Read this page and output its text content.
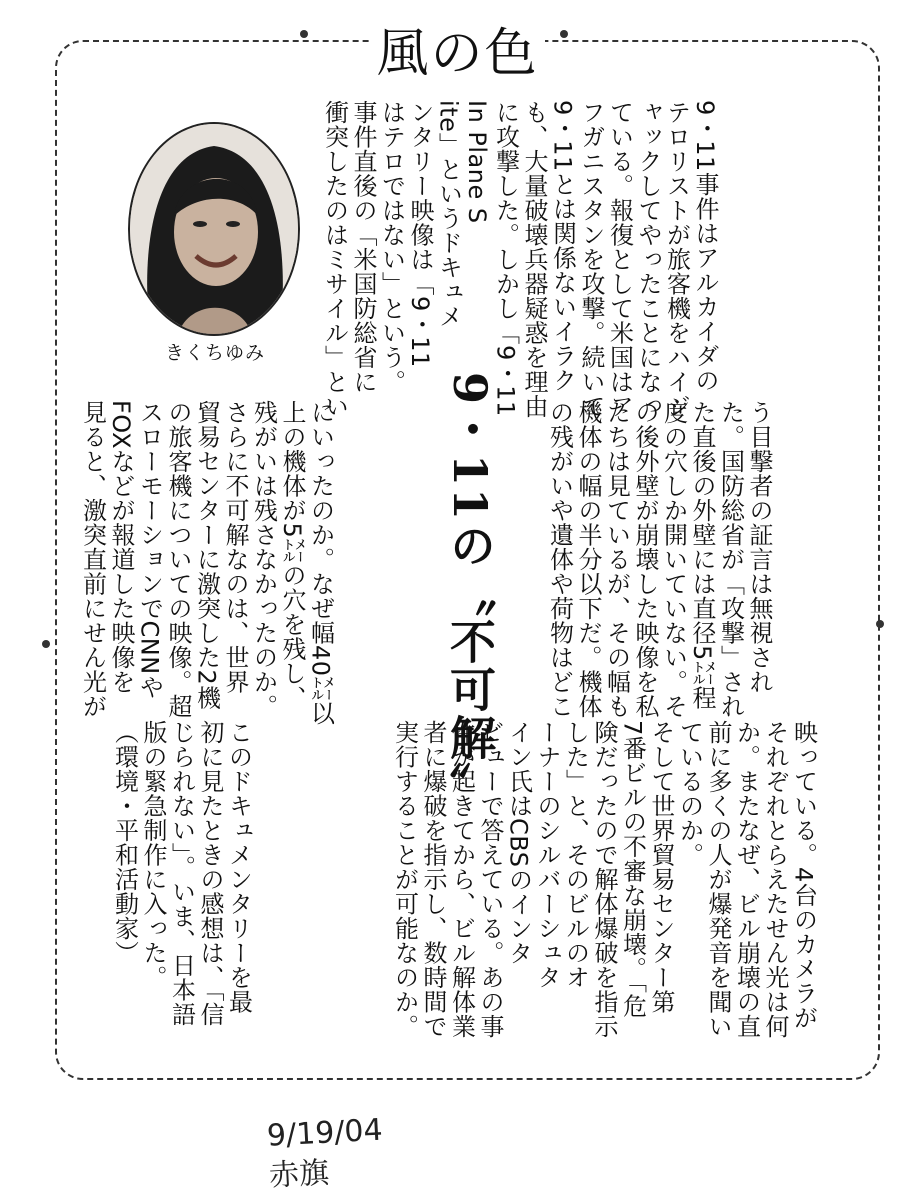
風の色
きくちゆみ
9・11の〝不可解〟
9・11事件はアルカイダの
テロリストが旅客機をハイジ
ャックしてやったことになっ
ている。報復として米国はア
フガニスタンを攻撃。続いて
9・11とは関係ないイラク
も、大量破壊兵器疑惑を理由
に攻撃した。しかし「9・11
In Plane S
ite」というドキュメ
ンタリー映像は「9・11
はテロではない」という。
事件直後の「米国防総省に
衝突したのはミサイル」とい
う目撃者の証言は無視され
た。国防総省が「攻撃」され
た直後の外壁には直径5㍍程
度の穴しか開いていない。そ
の後外壁が崩壊した映像を私
たちは見ているが、その幅も
機体の幅の半分以下だ。機体
の残がいや遺体や荷物はどこ
にいったのか。なぜ幅40㍍以
上の機体が5㍍の穴を残し、
残がいは残さなかったのか。
さらに不可解なのは、世界
貿易センターに激突した2機
の旅客機についての映像。超
スローモーションでCNNや
FOXなどが報道した映像を
見ると、激突直前にせん光が
映っている。4台のカメラが
それぞれとらえたせん光は何
か。またなぜ、ビル崩壊の直
前に多くの人が爆発音を聞い
ているのか。
そして世界貿易センター第
7番ビルの不審な崩壊。「危
険だったので解体爆破を指示
した」と、そのビルのオ
ーナーのシルバーシュタ
イン氏はCBSのインタ
ビューで答えている。あの事
件が起きてから、ビル解体業
者に爆破を指示し、数時間で
実行することが可能なのか。
このドキュメンタリーを最
初に見たときの感想は、「信
じられない」。いま、日本語
版の緊急制作に入った。
（環境・平和活動家）
9/19/04
赤旗
